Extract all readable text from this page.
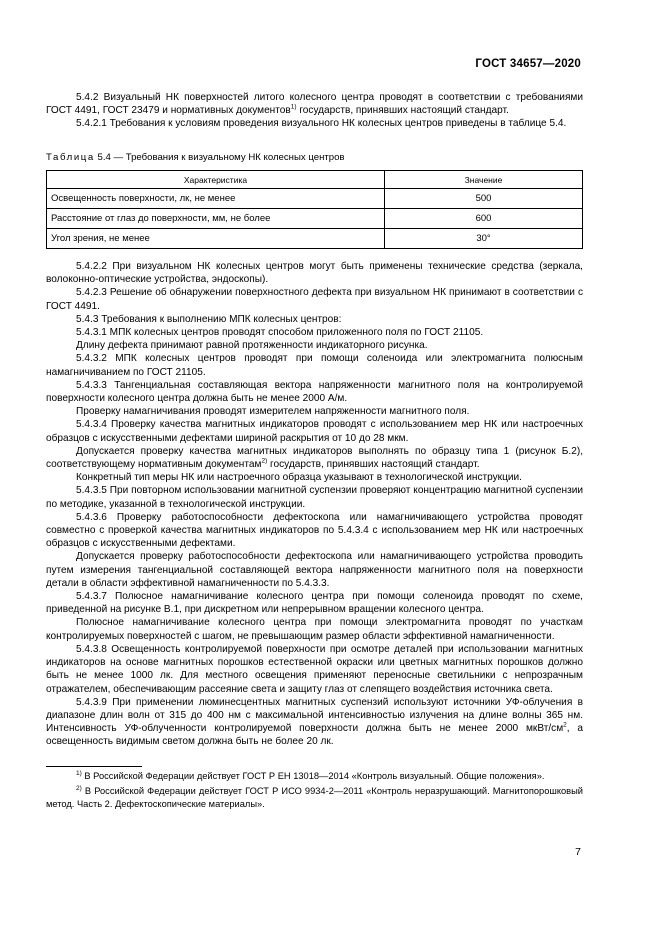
ГОСТ 34657—2020

5.4.2 Визуальный НК поверхностей литого колесного центра проводят в соответствии с требованиями ГОСТ 4491, ГОСТ 23479 и нормативных документов$^{1)}$ государств, принявших настоящий стандарт.

5.4.2.1 Требования к условиям проведения визуального НК колесных центров приведены в таблице 5.4.

Таблица 5.4 — Требования к визуальному НК колесных центров
Характеристика	Значение
Освещенность поверхности, лк, не менее	500
Расстояние от глаз до поверхности, мм, не более	600
Угол зрения, не менее	30°

5.4.2.2 При визуальном НК колесных центров могут быть применены технические средства (зеркала, волоконно-оптические устройства, эндоскопы).

5.4.2.3 Решение об обнаружении поверхностного дефекта при визуальном НК принимают в соответствии с ГОСТ 4491.

5.4.3 Требования к выполнению МПК колесных центров:

5.4.3.1 МПК колесных центров проводят способом приложенного поля по ГОСТ 21105.

Длину дефекта принимают равной протяженности индикаторного рисунка.

5.4.3.2 МПК колесных центров проводят при помощи соленоида или электромагнита полюсным намагничиванием по ГОСТ 21105.

5.4.3.3 Тангенциальная составляющая вектора напряженности магнитного поля на контролируемой поверхности колесного центра должна быть не менее 2000 А/м.

Проверку намагничивания проводят измерителем напряженности магнитного поля.

5.4.3.4 Проверку качества магнитных индикаторов проводят с использованием мер НК или настроечных образцов с искусственными дефектами шириной раскрытия от 10 до 28 мкм.

Допускается проверку качества магнитных индикаторов выполнять по образцу типа 1 (рисунок Б.2), соответствующему нормативным документам$^{2)}$ государств, принявших настоящий стандарт.

Конкретный тип меры НК или настроечного образца указывают в технологической инструкции.

5.4.3.5 При повторном использовании магнитной суспензии проверяют концентрацию магнитной суспензии по методике, указанной в технологической инструкции.

5.4.3.6 Проверку работоспособности дефектоскопа или намагничивающего устройства проводят совместно с проверкой качества магнитных индикаторов по 5.4.3.4 с использованием мер НК или настроечных образцов с искусственными дефектами.

Допускается проверку работоспособности дефектоскопа или намагничивающего устройства проводить путем измерения тангенциальной составляющей вектора напряженности магнитного поля на поверхности детали в области эффективной намагниченности по 5.4.3.3.

5.4.3.7 Полюсное намагничивание колесного центра при помощи соленоида проводят по схеме, приведенной на рисунке В.1, при дискретном или непрерывном вращении колесного центра.

Полюсное намагничивание колесного центра при помощи электромагнита проводят по участкам контролируемых поверхностей с шагом, не превышающим размер области эффективной намагниченности.

5.4.3.8 Освещенность контролируемой поверхности при осмотре деталей при использовании магнитных индикаторов на основе магнитных порошков естественной окраски или цветных магнитных порошков должно быть не менее 1000 лк. Для местного освещения применяют переносные светильники с непрозрачным отражателем, обеспечивающим рассеяние света и защиту глаз от слепящего воздействия источника света.

5.4.3.9 При применении люминесцентных магнитных суспензий используют источники УФ-облучения в диапазоне длин волн от 315 до 400 нм с максимальной интенсивностью излучения на длине волны 365 нм. Интенсивность УФ-облученности контролируемой поверхности должна быть не менее 2000 мкВт/$см^2$, а освещенность видимым светом должна быть не более 20 лк.

$^{1)}$ В Российской Федерации действует ГОСТ Р ЕН 13018—2014 «Контроль визуальный. Общие положения».

$^{2)}$ В Российской Федерации действует ГОСТ Р ИСО 9934-2—2011 «Контроль неразрушающий. Магнитопорошковый метод. Часть 2. Дефектоскопические материалы».

7
